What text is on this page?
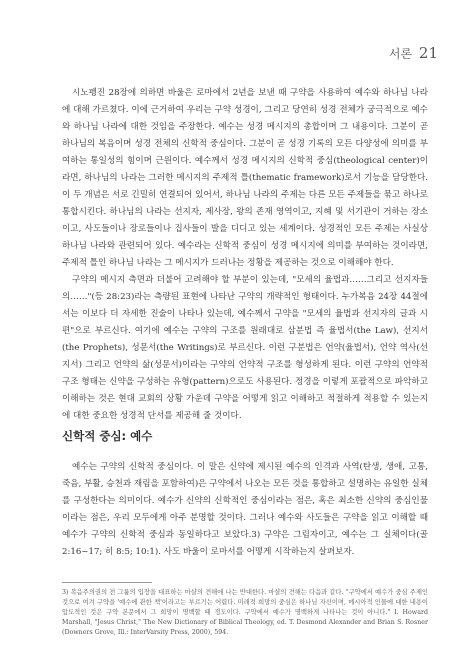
서론 21

시노펭진 28장에 의하면 바울은 로마에서 2년을 보낸 때 구약을 사용하여 예수와 하나님 나라에 대해 가르쳤다. 이에 근거하여 우리는 구약 성경이, 그리고 당연히 성경 전체가 궁극적으로 예수와 하나님 나라에 대한 것임을 주장한다. 예수는 성경 메시지의 총합이며 그 내용이다. 그분이 곧 하나님의 복음이며 성경 전체의 신학적 중심이다. 그분이 곧 성경 기록의 모든 다양성에 의미를 부여하는 통일성의 힘이며 근원이다. 예수께서 성경 메시지의 신학적 중심(theological center)이라면, 하나님의 나라는 그러한 메시지의 주제적 틀(thematic framework)로서 기능을 담당한다. 이 두 개념은 서로 긴밀히 연결되어 있어서, 하나님 나라의 주제는 다른 모든 주제들을 묶고 하나로 통합시킨다. 하나님의 나라는 선지자, 제사장, 왕의 존재 영역이고, 지혜 및 서기관이 거하는 장소이고, 사도들이나 장로들이나 집사들이 발을 디디고 있는 세계이다. 성경적인 모든 주제는 사실상 하나님 나라와 관련되어 있다. 예수라는 신학적 중심이 성경 메시지에 의미를 부여하는 것이라면, 주제적 틀인 하나님 나라는 그 메시지가 드러나는 정황을 제공하는 것으로 이해해야 한다.

구약의 메시지 측면과 더불어 고려해야 할 부분이 있는데, "모세의 율법과……그리고 선지자들의……"(등 28:23)라는 측량된 표현에 나타난 구약의 개략적인 형태이다. 누가복음 24장 44절에서는 이보다 더 자세한 진술이 나타나 있는데, 예수께서 구약을 "모세의 율법과 선지자의 글과 시편"으로 부르신다. 여기에 예수는 구약의 구조를 원래대로 삼분법 즉 율법서(the Law), 선지서(the Prophets), 성문서(the Writings)로 부르신다. 이런 구분법은 언약(율법서), 언약 역사(선지서) 그리고 언약의 삶(성문서)이라는 구약의 언약적 구조를 형성하게 된다. 이런 구약의 언약적 구조 형태는 신약을 구성하는 유형(pattern)으로도 사용된다. 정경을 이렇게 포괄적으로 파악하고 이해하는 것은 현대 교회의 상황 가운데 구약을 어떻게 읽고 이해하고 적절하게 적용할 수 있는지에 대한 중요한 성경적 단서를 제공해 줄 것이다.

신학적 중심: 예수

예수는 구약의 신학적 중심이다. 이 말은 신약에 제시된 예수의 인격과 사역(탄생, 생애, 고통, 죽음, 부활, 승천과 재림을 포함하여)은 구약에서 나오는 모든 것을 통합하고 설명하는 유일한 실체를 구성한다는 의미이다. 예수가 신약의 신학적인 중심이라는 점은, 혹은 최소한 신약의 중심인물이라는 점은, 우리 모두에게 아주 분명할 것이다. 그러나 예수와 사도들은 구약을 읽고 이해할 때 예수가 구약의 신학적 중심과 동일하다고 보았다.3) 구약은 그림자이고, 예수는 그 실체이다(골 2:16~17; 히 8:5; 10:1). 사도 바울이 로마서를 어떻게 시작하는지 살펴보자.

3) 복음주의권의 전 그룹의 입장을 대표하는 마샬의 견해에 나는 반대한다. 마샬의 견해는 다음과 같다. "구약에서 예수가 중심 주제인 것으로 여겨 구약을 '예수에 관한 책'이라고는 부르기는 어렵다. 미래적 희망의 중심은 하나님 자신이며, 메시아적 인물에 대한 내용이 압도적인 것은 구약 본문에서 그 희망이 명백할 때 정도이다. 구약에서 예수가 명백하게 나타나는 것이 아니다." I. Howard Marshall, "Jesus Christ," The New Dictionary of Biblical Theology, ed. T. Desmond Alexander and Brian S. Rosner (Downers Grove, Ill.: InterVarsity Press, 2000), 594.
